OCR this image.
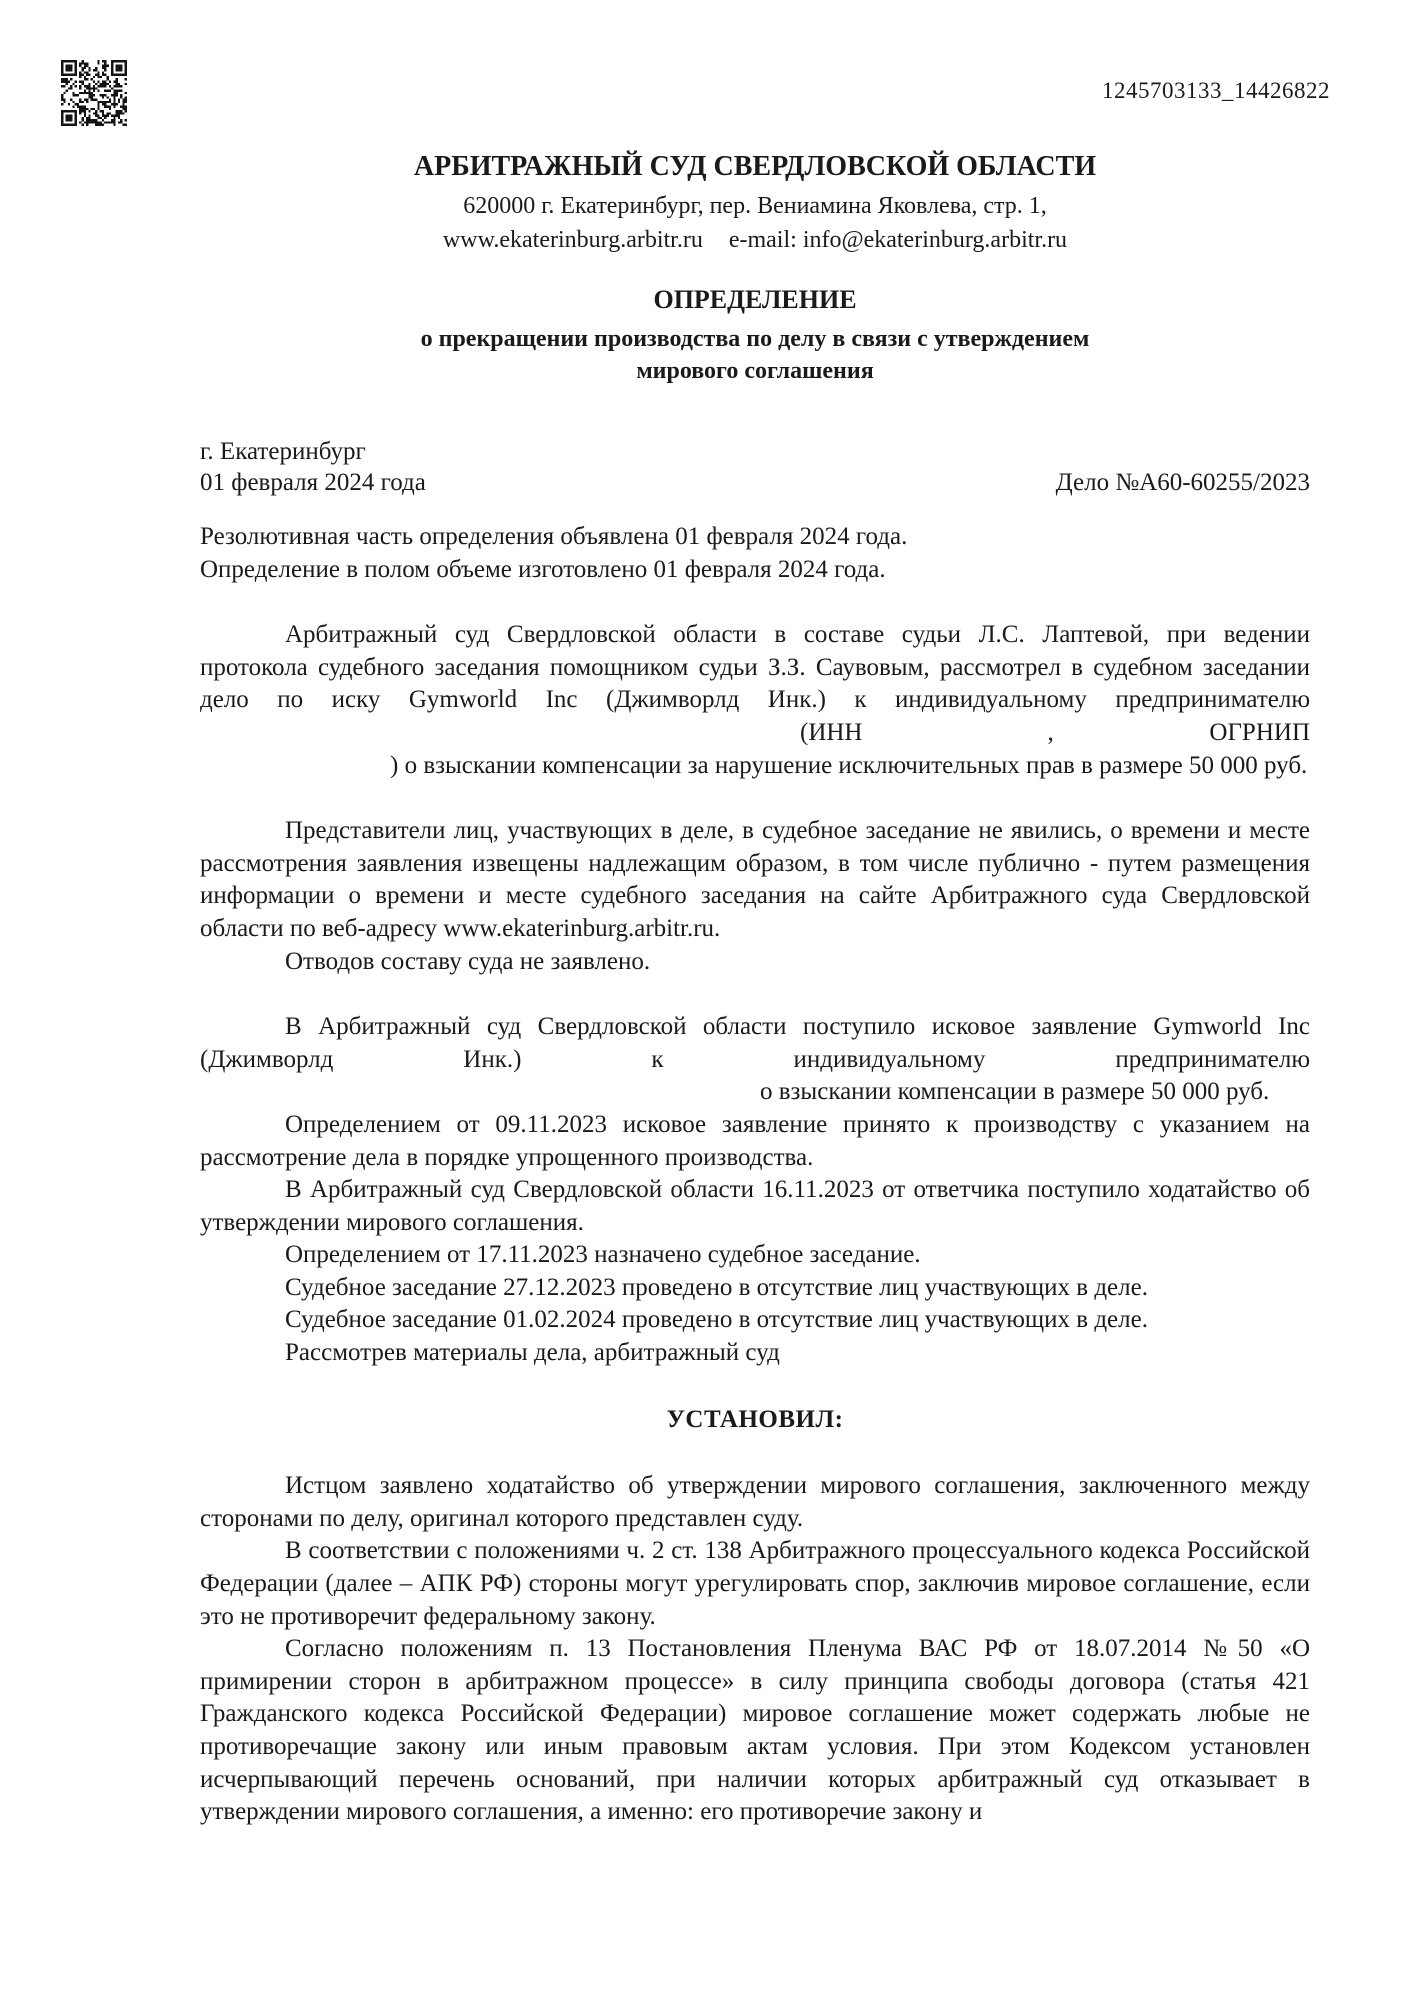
1245703133_14426822
АРБИТРАЖНЫЙ СУД СВЕРДЛОВСКОЙ ОБЛАСТИ
620000 г. Екатеринбург, пер. Вениамина Яковлева, стр. 1,
www.ekaterinburg.arbitr.ru e-mail: info@ekaterinburg.arbitr.ru
ОПРЕДЕЛЕНИЕ
о прекращении производства по делу в связи с утверждением
мирового соглашения
г. Екатеринбург
01 февраля 2024 года	Дело №А60-60255/2023

Резолютивная часть определения объявлена 01 февраля 2024 года.

Определение в полом объеме изготовлено 01 февраля 2024 года.

Арбитражный суд Свердловской области в составе судьи Л.С. Лаптевой, при ведении протокола судебного заседания помощником судьи З.З. Саувовым, рассмотрел в судебном заседании дело по иску Gymworld Inc (Джимворлд Инк.) к индивидуальному предпринимателю(ИНН	, ОГРНИП) о взыскании компенсации за нарушение исключительных прав в размере 50 000 руб.

Представители лиц, участвующих в деле, в судебное заседание не явились, о времени и месте рассмотрения заявления извещены надлежащим образом, в том числе публично - путем размещения информации о времени и месте судебного заседания на сайте Арбитражного суда Свердловской области по веб-адресу www.ekaterinburg.arbitr.ru.

Отводов составу суда не заявлено.

В Арбитражный суд Свердловской области поступило исковое заявление Gymworld Inc (Джимворлд Инк.) к индивидуальному предпринимателюо взыскании компенсации в размере 50 000 руб.

Определением от 09.11.2023 исковое заявление принято к производству с указанием на рассмотрение дела в порядке упрощенного производства.

В Арбитражный суд Свердловской области 16.11.2023 от ответчика поступило ходатайство об утверждении мирового соглашения.

Определением от 17.11.2023 назначено судебное заседание.

Судебное заседание 27.12.2023 проведено в отсутствие лиц участвующих в деле.

Судебное заседание 01.02.2024 проведено в отсутствие лиц участвующих в деле.

Рассмотрев материалы дела, арбитражный суд

УСТАНОВИЛ:

Истцом заявлено ходатайство об утверждении мирового соглашения, заключенного между сторонами по делу, оригинал которого представлен суду.

В соответствии с положениями ч. 2 ст. 138 Арбитражного процессуального кодекса Российской Федерации (далее – АПК РФ) стороны могут урегулировать спор, заключив мировое соглашение, если это не противоречит федеральному закону.

Согласно положениям п. 13 Постановления Пленума ВАС РФ от 18.07.2014 №50 «О примирении сторон в арбитражном процессе» в силу принципа свободы договора (статья 421 Гражданского кодекса Российской Федерации) мировое соглашение может содержать любые не противоречащие закону или иным правовым актам условия. При этом Кодексом установлен исчерпывающий перечень оснований, при наличии которых арбитражный суд отказывает в утверждении мирового соглашения, а именно: его противоречие закону и
